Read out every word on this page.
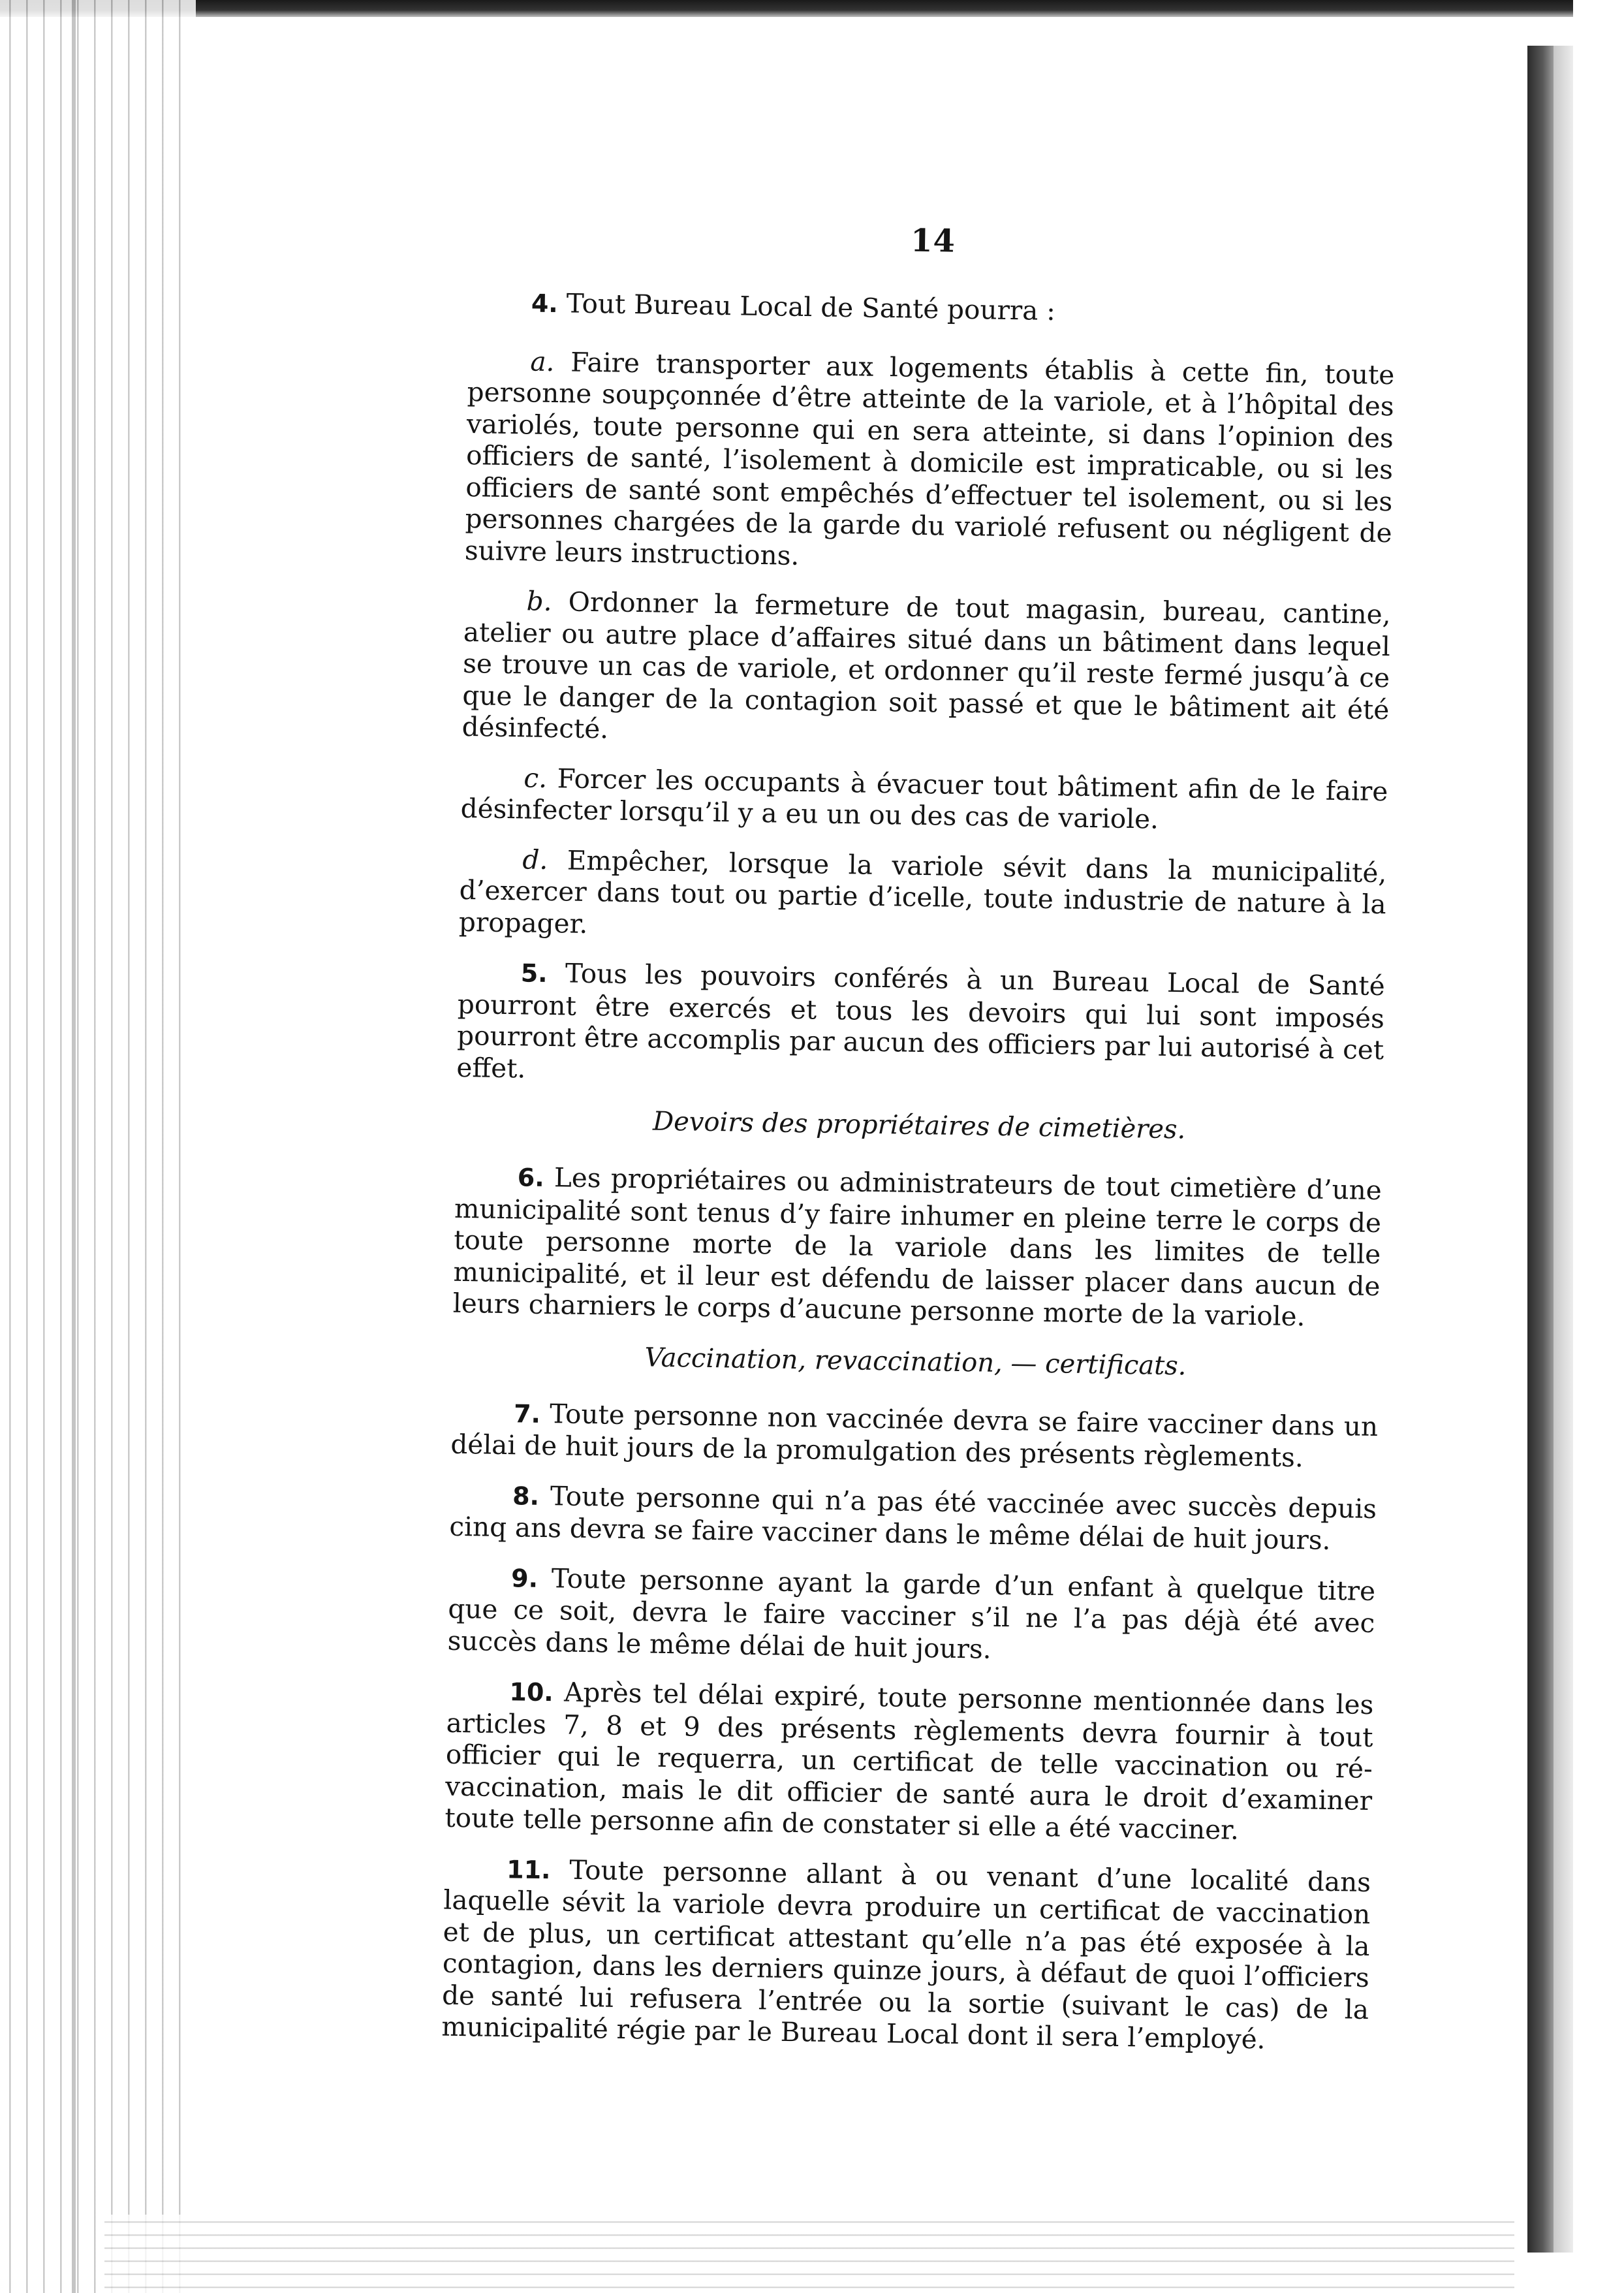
14

4. Tout Bureau Local de Santé pourra :

a. Faire transporter aux logements établis à cette fin, toute personne soupçonnée d’être atteinte de la variole, et à l’hôpital des variolés, toute personne qui en sera atteinte, si dans l’opinion des officiers de santé, l’isolement à domicile est impraticable, ou si les officiers de santé sont empêchés d’effectuer tel isolement, ou si les personnes chargées de la garde du variolé refusent ou négligent de suivre leurs instructions.

b. Ordonner la fermeture de tout magasin, bureau, cantine, atelier ou autre place d’affaires situé dans un bâtiment dans lequel se trouve un cas de variole, et ordonner qu’il reste fermé jusqu’à ce que le danger de la contagion soit passé et que le bâtiment ait été désinfecté.

c. Forcer les occupants à évacuer tout bâtiment afin de le faire désinfecter lorsqu’il y a eu un ou des cas de variole.

d. Empêcher, lorsque la variole sévit dans la municipalité, d’exercer dans tout ou partie d’icelle, toute industrie de nature à la propager.

5. Tous les pouvoirs conférés à un Bureau Local de Santé pourront être exercés et tous les devoirs qui lui sont imposés pourront être accomplis par aucun des officiers par lui autorisé à cet effet.

Devoirs des propriétaires de cimetières.

6. Les propriétaires ou administrateurs de tout cimetière d’une municipalité sont tenus d’y faire inhumer en pleine terre le corps de toute personne morte de la variole dans les limites de telle municipalité, et il leur est défendu de laisser placer dans aucun de leurs charniers le corps d’aucune personne morte de la variole.

Vaccination, revaccination, — certificats.

7. Toute personne non vaccinée devra se faire vacciner dans un délai de huit jours de la promulgation des présents règlements.

8. Toute personne qui n’a pas été vaccinée avec succès depuis cinq ans devra se faire vacciner dans le même délai de huit jours.

9. Toute personne ayant la garde d’un enfant à quelque titre que ce soit, devra le faire vacciner s’il ne l’a pas déjà été avec succès dans le même délai de huit jours.

10. Après tel délai expiré, toute personne mentionnée dans les articles 7, 8 et 9 des présents règlements devra fournir à tout officier qui le requerra, un certificat de telle vaccination ou ré-vaccination, mais le dit officier de santé aura le droit d’examiner toute telle personne afin de constater si elle a été vacciner.

11. Toute personne allant à ou venant d’une localité dans laquelle sévit la variole devra produire un certificat de vaccination et de plus, un certificat attestant qu’elle n’a pas été exposée à la contagion, dans les derniers quinze jours, à défaut de quoi l’officiers de santé lui refusera l’entrée ou la sortie (suivant le cas) de la municipalité régie par le Bureau Local dont il sera l’employé.
